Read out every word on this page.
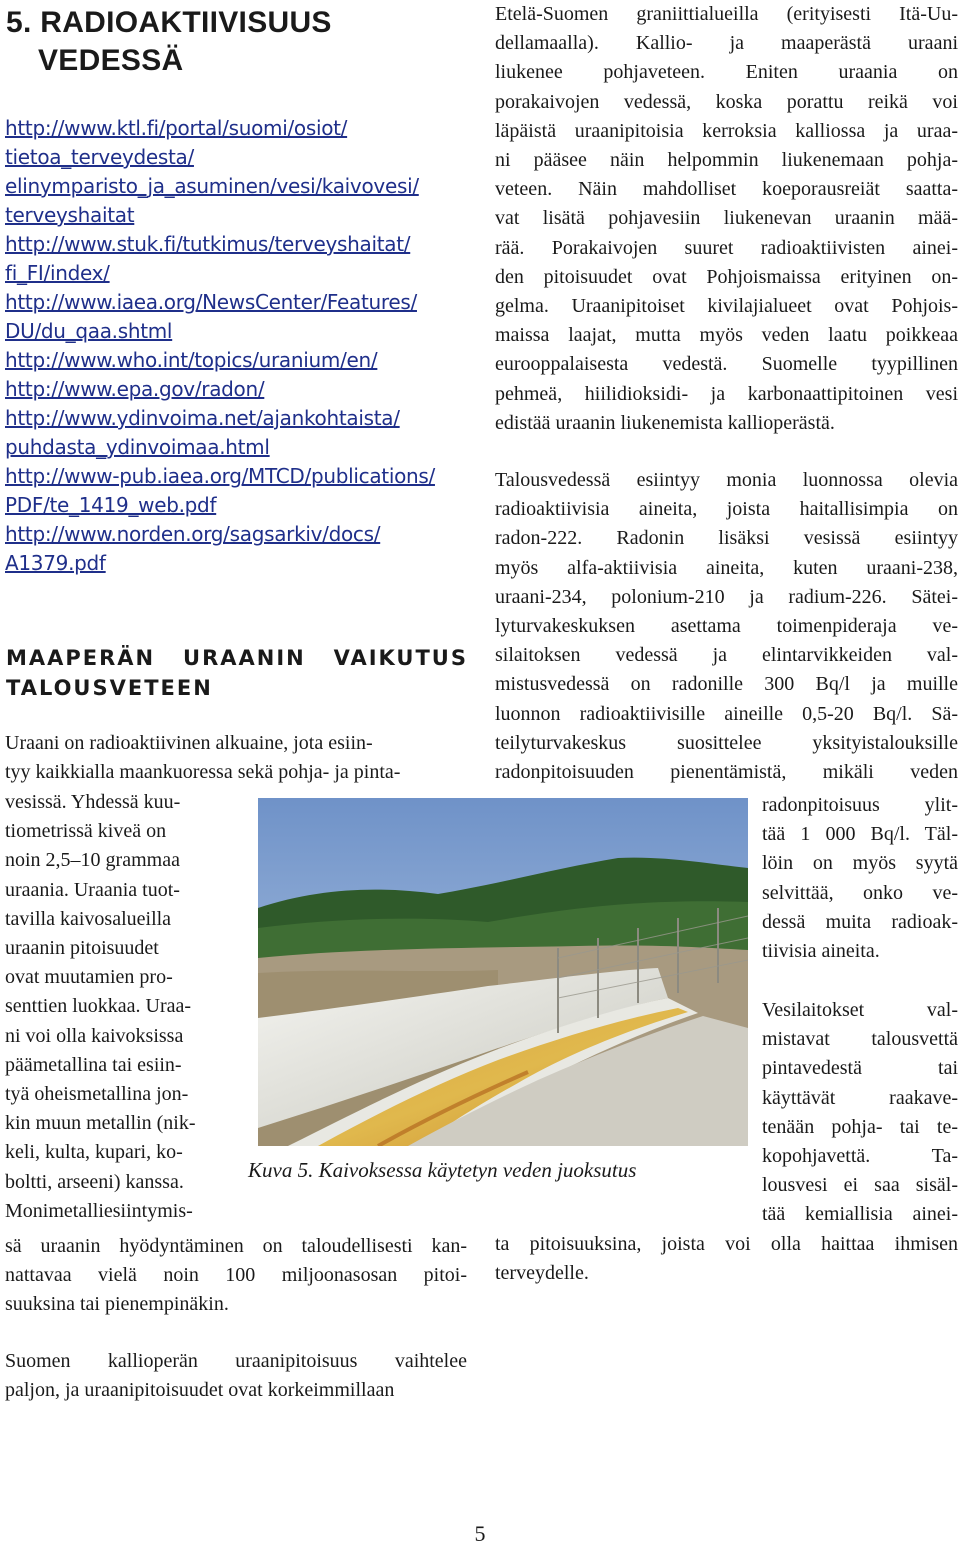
5. RADIOAKTIIVISUUS
VEDESSÄ
http://www.ktl.fi/portal/suomi/osiot/
tietoa_terveydesta/
elinymparisto_ja_asuminen/vesi/kaivovesi/
terveyshaitat
http://www.stuk.fi/tutkimus/terveyshaitat/
fi_FI/index/
http://www.iaea.org/NewsCenter/Features/
DU/du_qaa.shtml
http://www.who.int/topics/uranium/en/
http://www.epa.gov/radon/
http://www.ydinvoima.net/ajankohtaista/
puhdasta_ydinvoimaa.html
http://www-pub.iaea.org/MTCD/publications/
PDF/te_1419_web.pdf
http://www.norden.org/sagsarkiv/docs/
A1379.pdf
MAAPERÄN URAANIN VAIKUTUS TALOUSVETEEN
Uraani on radioaktiivinen alkuaine, jota esiin-
tyy kaikkialla maankuoressa sekä pohja- ja pinta-
vesissä. Yhdessä kuu-
tiometrissä kiveä on
noin 2,5–10 grammaa
uraania. Uraania tuot-
tavilla kaivosalueilla
uraanin pitoisuudet
ovat muutamien pro-
senttien luokkaa. Uraa-
ni voi olla kaivoksissa
päämetallina tai esiin-
tyä oheismetallina jon-
kin muun metallin (nik-
keli, kulta, kupari, ko-
boltti, arseeni) kanssa.
Monimetalliesiintymis-
sä uraanin hyödyntäminen on taloudellisesti kan-
nattavaa vielä noin 100 miljoonasosan pitoi-
suuksina tai pienempinäkin.
Suomen kallioperän uraanipitoisuus vaihtelee
paljon, ja uraanipitoisuudet ovat korkeimmillaan

Kuva 5. Kaivoksessa käytetyn veden juoksutus

Etelä-Suomen graniittialueilla (erityisesti Itä-Uu-
dellamaalla). Kallio- ja maaperästä uraani
liukenee pohjaveteen. Eniten uraania on
porakaivojen vedessä, koska porattu reikä voi
läpäistä uraanipitoisia kerroksia kalliossa ja uraa-
ni pääsee näin helpommin liukenemaan pohja-
veteen. Näin mahdolliset koeporausreiät saatta-
vat lisätä pohjavesiin liukenevan uraanin mää-
rää. Porakaivojen suuret radioaktiivisten ainei-
den pitoisuudet ovat Pohjoismaissa erityinen on-
gelma. Uraanipitoiset kivilajialueet ovat Pohjois-
maissa laajat, mutta myös veden laatu poikkeaa
eurooppalaisesta vedestä. Suomelle tyypillinen
pehmeä, hiilidioksidi- ja karbonaattipitoinen vesi
edistää uraanin liukenemista kallioperästä.
Talousvedessä esiintyy monia luonnossa olevia
radioaktiivisia aineita, joista haitallisimpia on
radon-222. Radonin lisäksi vesissä esiintyy
myös alfa-aktiivisia aineita, kuten uraani-238,
uraani-234, polonium-210 ja radium-226. Sätei-
lyturvakeskuksen asettama toimenpideraja ve-
silaitoksen vedessä ja elintarvikkeiden val-
mistusvedessä on radonille 300 Bq/l ja muille
luonnon radioaktiivisille aineille 0,5-20 Bq/l. Sä-
teilyturvakeskus suosittelee yksityistalouksille
radonpitoisuuden pienentämistä, mikäli veden
radonpitoisuus ylit-
tää 1 000 Bq/l. Täl-
löin on myös syytä
selvittää, onko ve-
dessä muita radioak-
tiivisia aineita.
Vesilaitokset val-
mistavat talousvettä
pintavedestä tai
käyttävät raakave-
tenään pohja- tai te-
kopohjavettä. Ta-
lousvesi ei saa sisäl-
tää kemiallisia ainei-
ta pitoisuuksina, joista voi olla haittaa ihmisen
terveydelle.
5
